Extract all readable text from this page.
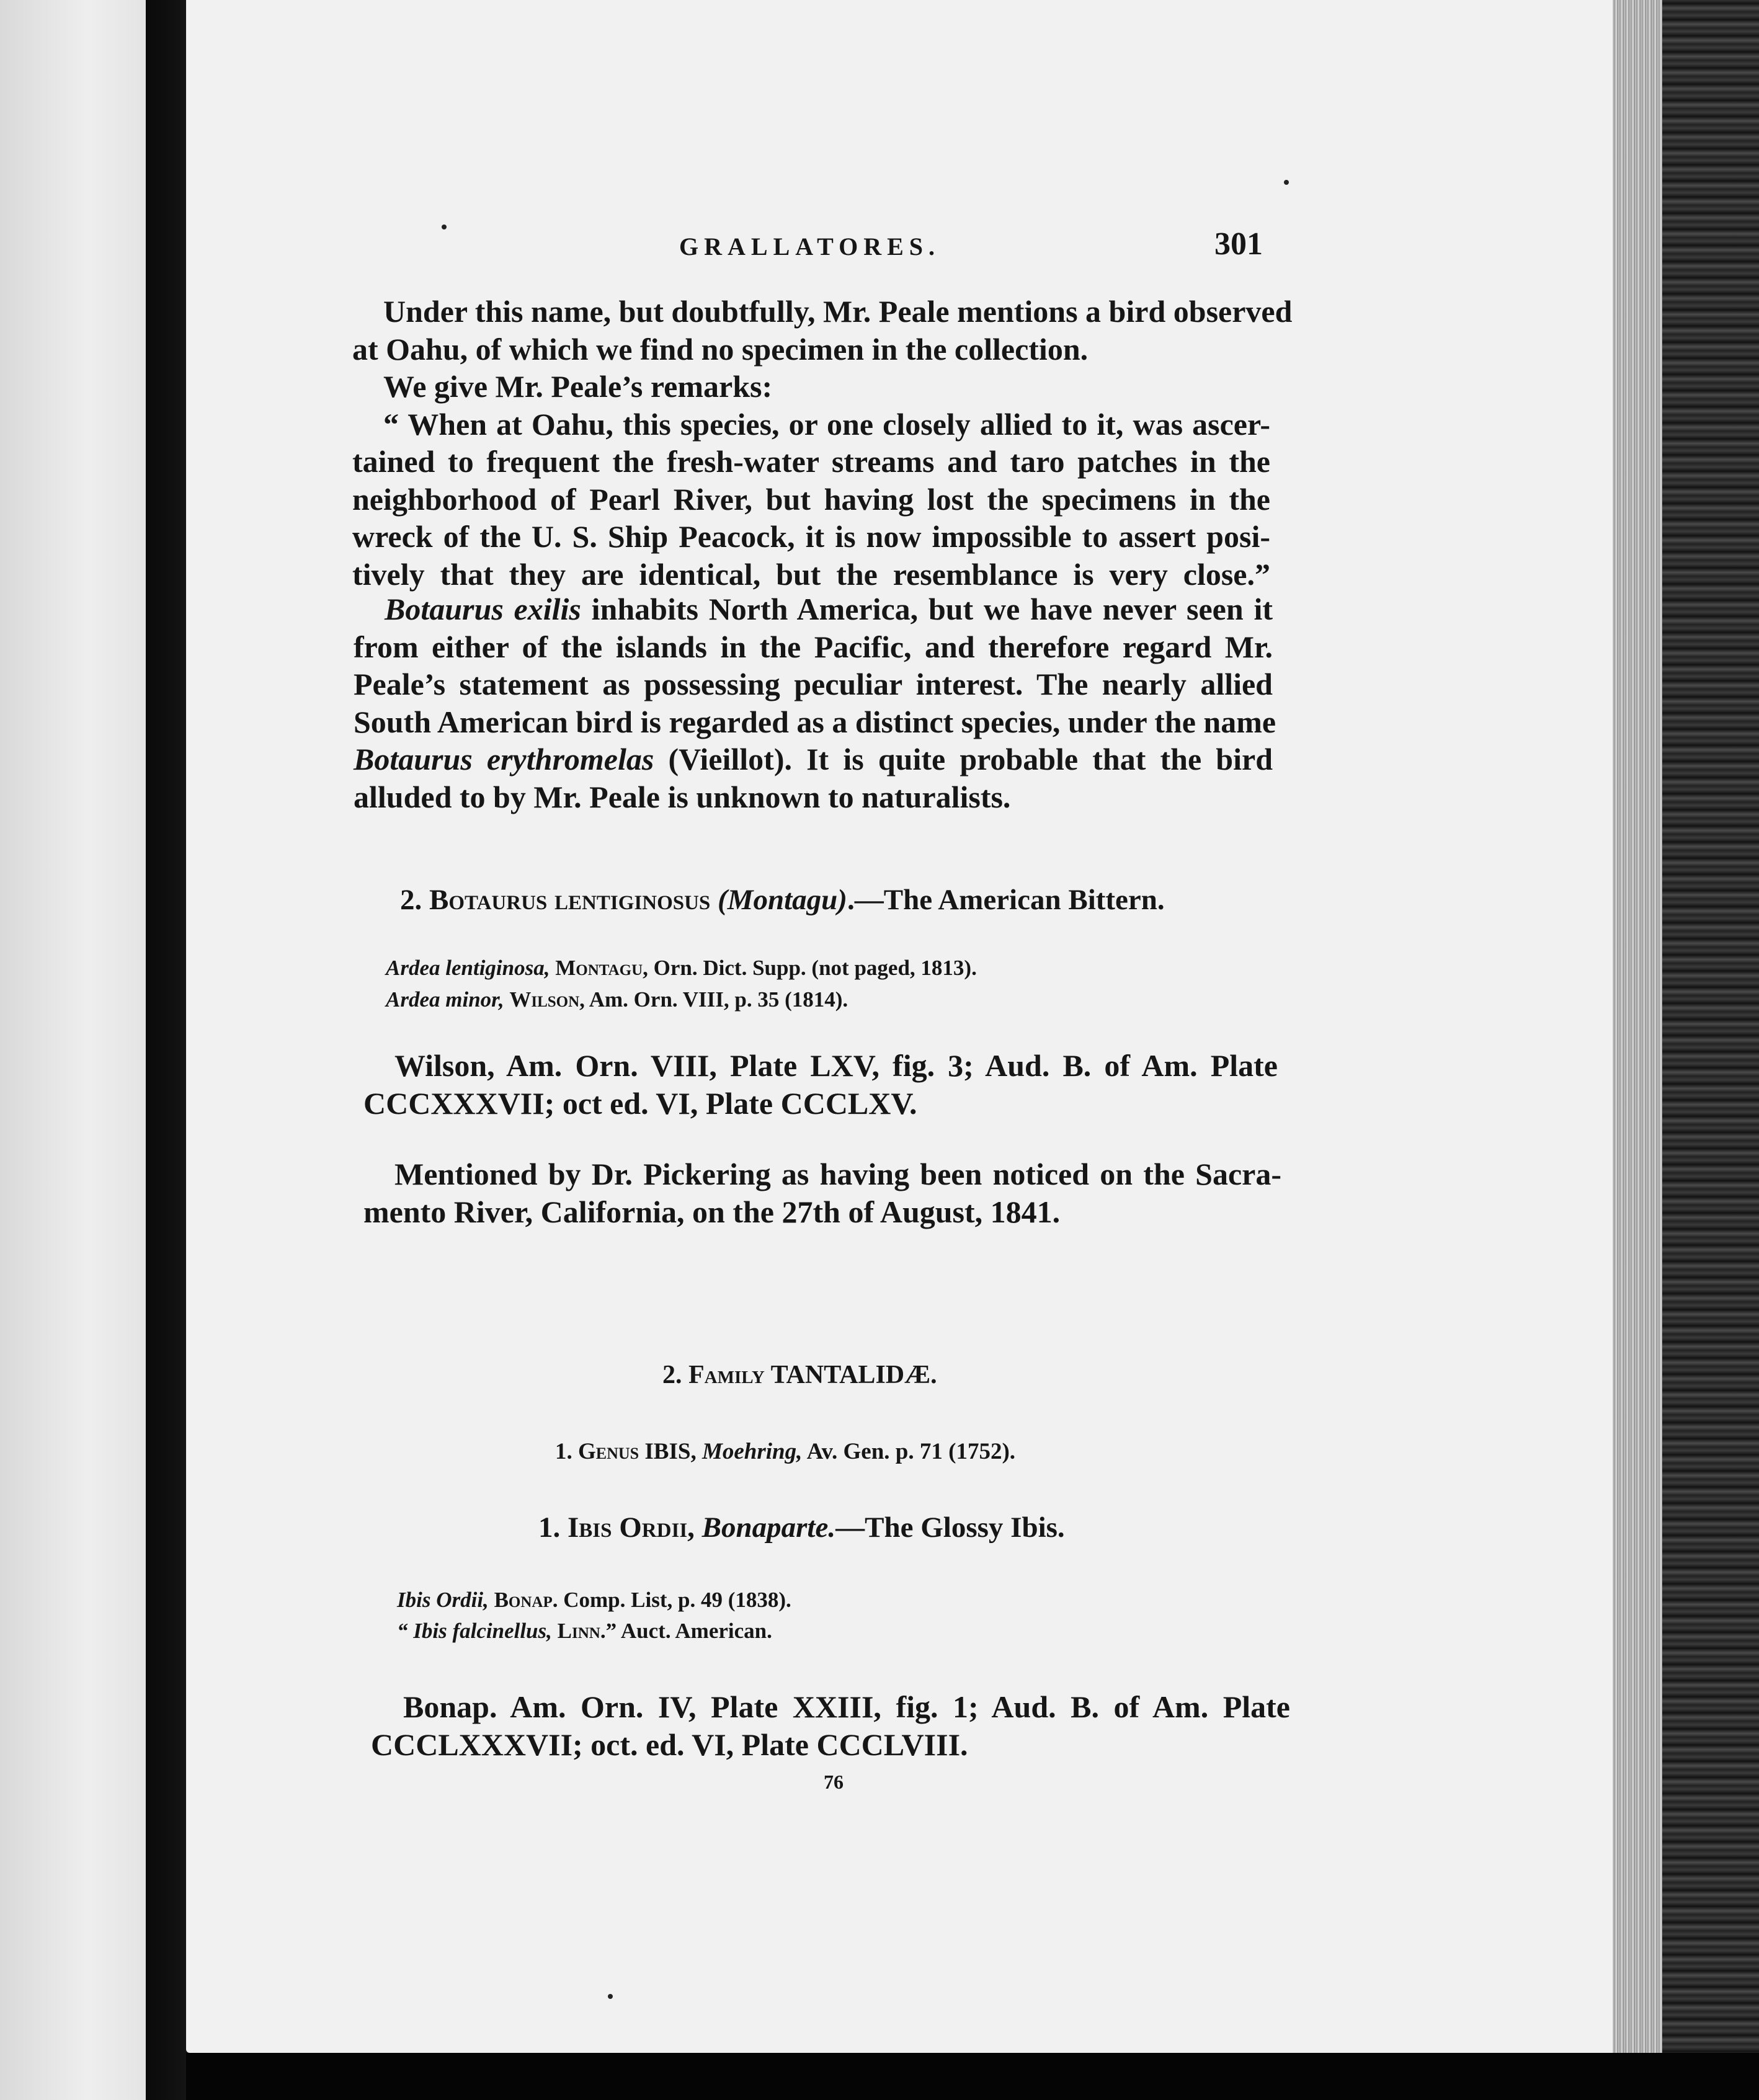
GRALLATORES.	301
Under this name, but doubtfully, Mr. Peale mentions a bird observed
at Oahu, of which we find no specimen in the collection.
We give Mr. Peale’s remarks:
“ When at Oahu, this species, or one closely allied to it, was ascer-
tained to frequent the fresh-water streams and taro patches in the
neighborhood of Pearl River, but having lost the specimens in the
wreck of the U. S. Ship Peacock, it is now impossible to assert posi-
tively that they are identical, but the resemblance is very close.”
Botaurus exilis inhabits North America, but we have never seen it
from either of the islands in the Pacific, and therefore regard Mr.
Peale’s statement as possessing peculiar interest. The nearly allied
South American bird is regarded as a distinct species, under the name
Botaurus erythromelas (Vieillot). It is quite probable that the bird
alluded to by Mr. Peale is unknown to naturalists.
2. Botaurus lentiginosus (Montagu).—The American Bittern.
Ardea lentiginosa, Montagu, Orn. Dict. Supp. (not paged, 1813).
Ardea minor, Wilson, Am. Orn. VIII, p. 35 (1814).
Wilson, Am. Orn. VIII, Plate LXV, fig. 3; Aud. B. of Am. Plate
CCCXXXVII; oct ed. VI, Plate CCCLXV.
Mentioned by Dr. Pickering as having been noticed on the Sacra-
mento River, California, on the 27th of August, 1841.
2. Family TANTALIDÆ.
1. Genus IBIS, Moehring, Av. Gen. p. 71 (1752).
1. Ibis Ordii, Bonaparte.—The Glossy Ibis.
Ibis Ordii, Bonap. Comp. List, p. 49 (1838).
“ Ibis falcinellus, Linn.” Auct. American.
Bonap. Am. Orn. IV, Plate XXIII, fig. 1; Aud. B. of Am. Plate
CCCLXXXVII; oct. ed. VI, Plate CCCLVIII.
76
